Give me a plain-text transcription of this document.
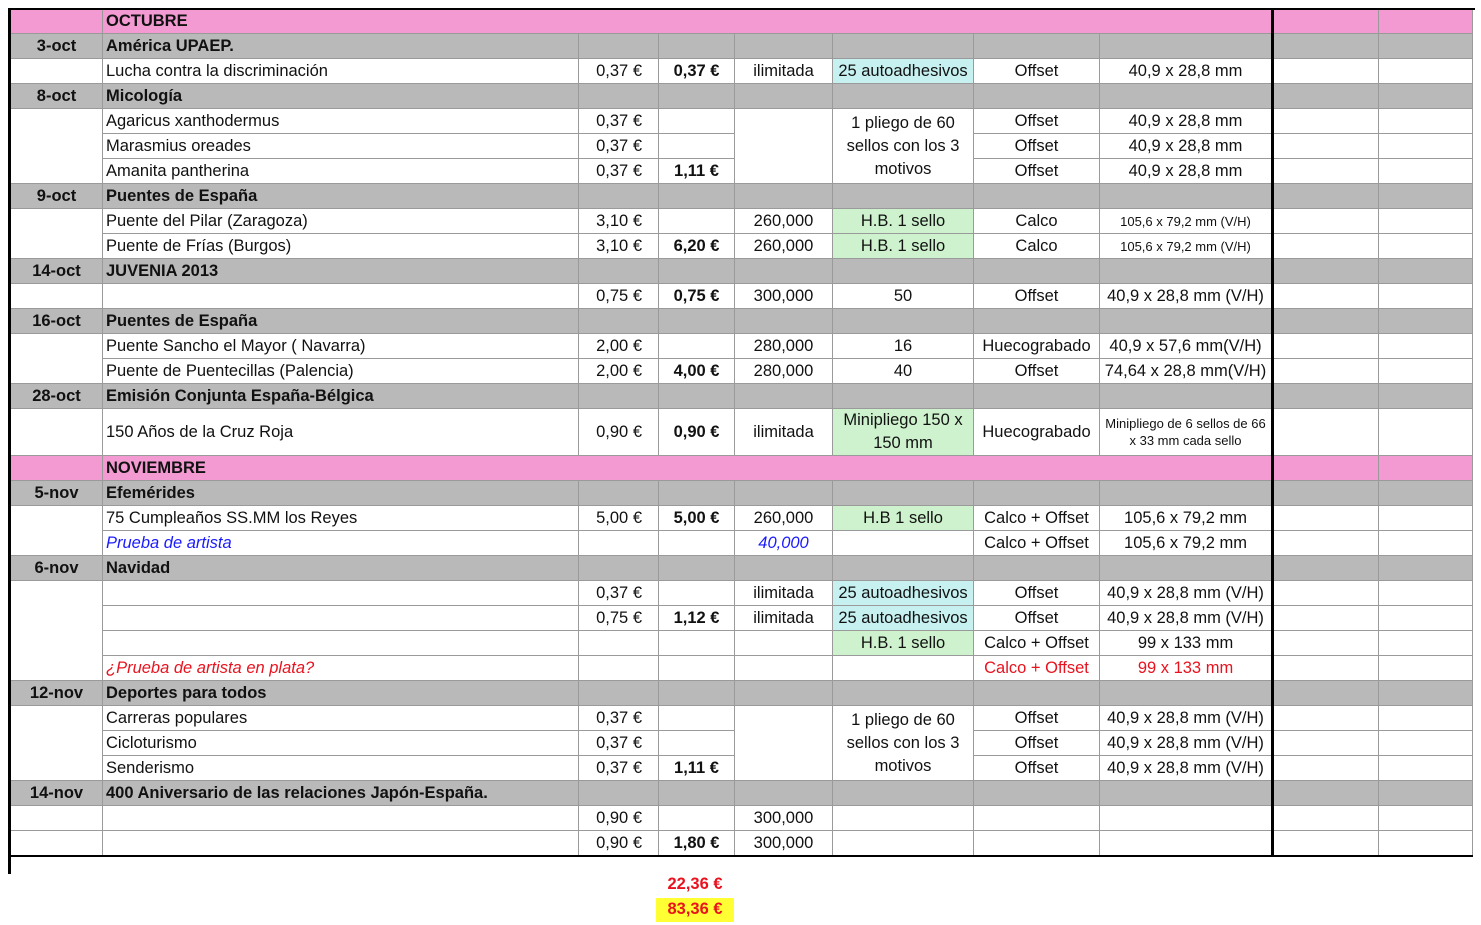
	OCTUBRE								
3-oct	América UPAEP.								
	Lucha contra la discriminación	0,37 €	0,37 €	ilimitada	25 autoadhesivos	Offset	40,9 x 28,8 mm		
8-oct	Micología								
	Agaricus xanthodermus	0,37 €			1 pliego de 60 sellos con los 3 motivos	Offset	40,9 x 28,8 mm		
	Marasmius oreades	0,37 €				Offset	40,9 x 28,8 mm		
	Amanita pantherina	0,37 €	1,11 €			Offset	40,9 x 28,8 mm		
9-oct	Puentes de España								
	Puente del Pilar (Zaragoza)	3,10 €		260,000	H.B. 1 sello	Calco	105,6 x 79,2 mm (V/H)		
	Puente de Frías (Burgos)	3,10 €	6,20 €	260,000	H.B. 1 sello	Calco	105,6 x 79,2 mm (V/H)		
14-oct	JUVENIA 2013								
		0,75 €	0,75 €	300,000	50	Offset	40,9 x 28,8 mm (V/H)		
16-oct	Puentes de España								
	Puente Sancho el Mayor ( Navarra)	2,00 €		280,000	16	Huecograbado	40,9 x 57,6 mm(V/H)		
	Puente de Puentecillas (Palencia)	2,00 €	4,00 €	280,000	40	Offset	74,64 x 28,8 mm(V/H)		
28-oct	Emisión Conjunta España-Bélgica								
	150 Años de la Cruz Roja	0,90 €	0,90 €	ilimitada	Minipliego 150 x 150 mm	Huecograbado	Minipliego de 6 sellos de 66 x 33 mm cada sello		
	NOVIEMBRE								
5-nov	Efemérides								
	75 Cumpleaños SS.MM los Reyes	5,00 €	5,00 €	260,000	H.B 1 sello	Calco + Offset	105,6 x 79,2 mm		
	Prueba de artista			40,000		Calco + Offset	105,6 x 79,2 mm		
6-nov	Navidad								
		0,37 €		ilimitada	25 autoadhesivos	Offset	40,9 x 28,8 mm (V/H)		
		0,75 €	1,12 €	ilimitada	25 autoadhesivos	Offset	40,9 x 28,8 mm (V/H)		
					H.B. 1 sello	Calco + Offset	99 x 133 mm		
	¿Prueba de artista en plata?					Calco + Offset	99 x 133 mm		
12-nov	Deportes para todos								
	Carreras populares	0,37 €			1 pliego de 60 sellos con los 3 motivos	Offset	40,9 x 28,8 mm (V/H)		
	Cicloturismo	0,37 €				Offset	40,9 x 28,8 mm (V/H)		
	Senderismo	0,37 €	1,11 €			Offset	40,9 x 28,8 mm (V/H)		
14-nov	400 Aniversario de las relaciones Japón-España.								
		0,90 €		300,000					
		0,90 €	1,80 €	300,000					
22,36 €
83,36 €
